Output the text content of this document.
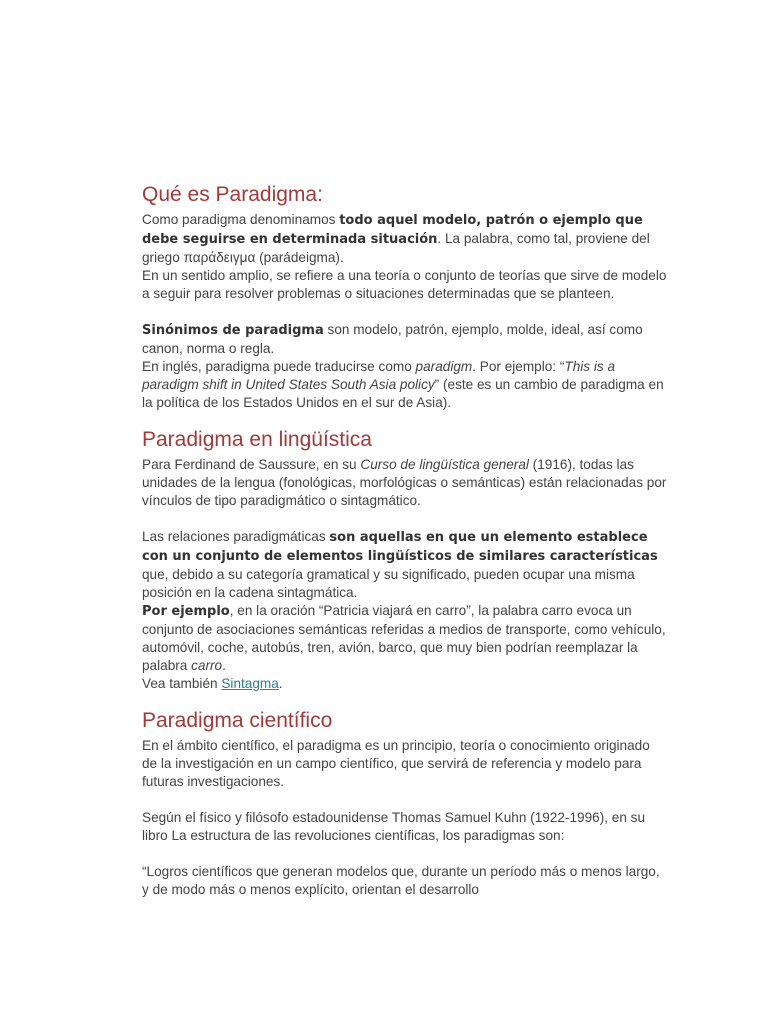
Qué es Paradigma:

Como paradigma denominamos todo aquel modelo, patrón o ejemplo que debe seguirse en determinada situación. La palabra, como tal, proviene del griego παράδειγμα (parádeigma).

En un sentido amplio, se refiere a una teoría o conjunto de teorías que sirve de modelo a seguir para resolver problemas o situaciones determinadas que se planteen.

Sinónimos de paradigma son modelo, patrón, ejemplo, molde, ideal, así como canon, norma o regla.

En inglés, paradigma puede traducirse como paradigm. Por ejemplo: “This is a paradigm shift in United States South Asia policy” (este es un cambio de paradigma en la política de los Estados Unidos en el sur de Asia).

Paradigma en lingüística

Para Ferdinand de Saussure, en su Curso de lingüística general (1916), todas las unidades de la lengua (fonológicas, morfológicas o semánticas) están relacionadas por vínculos de tipo paradigmático o sintagmático.

Las relaciones paradigmáticas son aquellas en que un elemento establece con un conjunto de elementos lingüísticos de similares características que, debido a su categoría gramatical y su significado, pueden ocupar una misma posición en la cadena sintagmática.

Por ejemplo, en la oración “Patricia viajará en carro”, la palabra carro evoca un conjunto de asociaciones semánticas referidas a medios de transporte, como vehículo, automóvil, coche, autobús, tren, avión, barco, que muy bien podrían reemplazar la palabra carro.

Vea también Sintagma.

Paradigma científico

En el ámbito científico, el paradigma es un principio, teoría o conocimiento originado de la investigación en un campo científico, que servirá de referencia y modelo para futuras investigaciones.

Según el físico y filósofo estadounidense Thomas Samuel Kuhn (1922-1996), en su libro La estructura de las revoluciones científicas, los paradigmas son:

“Logros científicos que generan modelos que, durante un período más o menos largo, y de modo más o menos explícito, orientan el desarrollo
